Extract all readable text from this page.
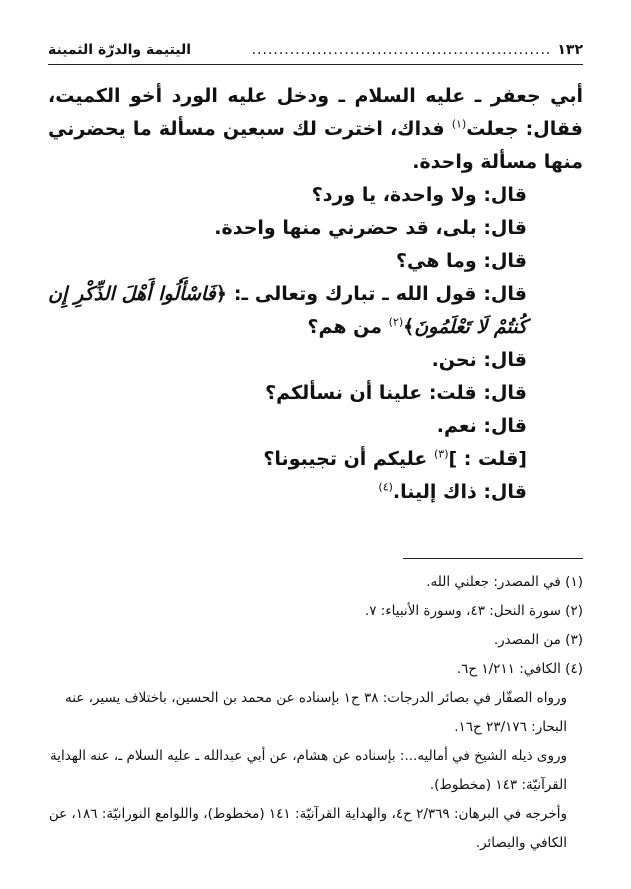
١٣٢
.......................................................
اليتيمة والدرّة الثمينة

أبي جعفر ـ عليه السلام ـ ودخل عليه الورد أخو الكميت، فقال: جعلت$^{(١)}$ فداك، اخترت لك سبعين مسألة ما يحضرني منها مسألة واحدة.

قال: ولا واحدة، يا ورد؟

قال: بلى، قد حضرني منها واحدة.

قال: وما هي؟

قال: قول الله ـ تبارك وتعالى ـ: ﴿فَاسْأَلُوا أَهْلَ الذِّكْرِ إِن كُنتُمْ لَا تَعْلَمُونَ﴾$^{(٢)}$ من هم؟

قال: نحن.

قال: قلت: علينا أن نسألكم؟

قال: نعم.

[قلت : ]$^{(٣)}$ عليكم أن تجيبونا؟

قال: ذاك إلينا.$^{(٤)}$

(١) في المصدر: جعلني الله.

(٢) سورة النحل: ٤٣، وسورة الأنبياء: ٧.

(٣) من المصدر.

(٤) الكافي: ١/٢١١ ح٦.

ورواه الصفّار في بصائر الدرجات: ٣٨ ح١ بإسناده عن محمد بن الحسين، باختلاف يسير، عنه البحار: ٢٣/١٧٦ ح١٦.

وروى ذيله الشيخ في أماليه...: بإسناده عن هشام، عن أبي عبدالله ـ عليه السلام ـ، عنه الهداية القرآنيّة: ١٤٣ (مخطوط).

وأخرجه في البرهان: ٢/٣٦٩ ح٤، والهداية القرآنيّة: ١٤١ (مخطوط)، واللوامع النورانيّة: ١٨٦، عن الكافي والبصائر.
